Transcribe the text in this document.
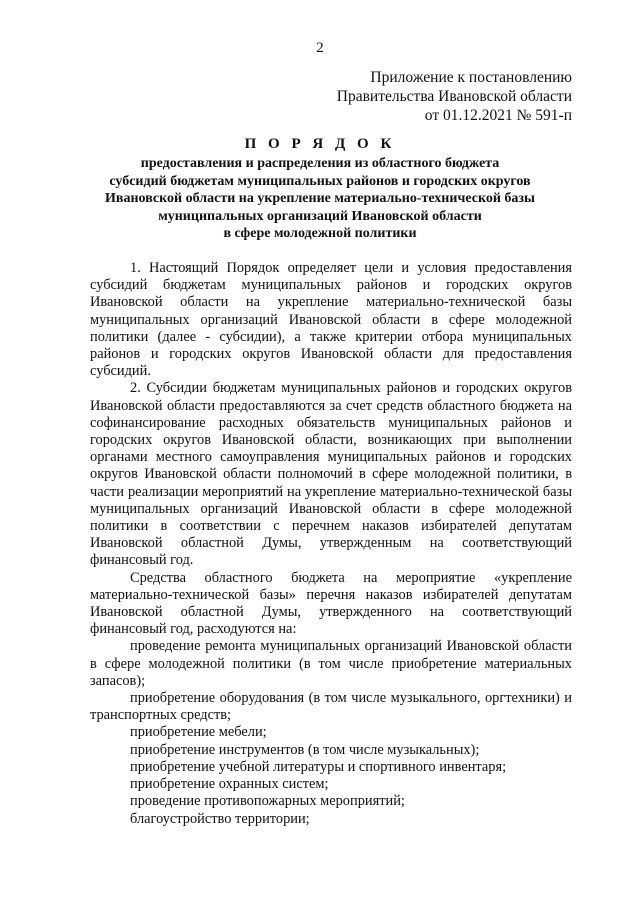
2
Приложение к постановлению
Правительства Ивановской области
от 01.12.2021 № 591-п
П О Р Я Д О К
предоставления и распределения из областного бюджета
субсидий бюджетам муниципальных районов и городских округов
Ивановской области на укрепление материально-технической базы
муниципальных организаций Ивановской области
в сфере молодежной политики

1. Настоящий Порядок определяет цели и условия предоставления субсидий бюджетам муниципальных районов и городских округов Ивановской области на укрепление материально-технической базы муниципальных организаций Ивановской области в сфере молодежной политики (далее - субсидии), а также критерии отбора муниципальных районов и городских округов Ивановской области для предоставления субсидий.

2. Субсидии бюджетам муниципальных районов и городских округов Ивановской области предоставляются за счет средств областного бюджета на софинансирование расходных обязательств муниципальных районов и городских округов Ивановской области, возникающих при выполнении органами местного самоуправления муниципальных районов и городских округов Ивановской области полномочий в сфере молодежной политики, в части реализации мероприятий на укрепление материально-технической базы муниципальных организаций Ивановской области в сфере молодежной политики в соответствии с перечнем наказов избирателей депутатам Ивановской областной Думы, утвержденным на соответствующий финансовый год.

Средства областного бюджета на мероприятие «укрепление материально-технической базы» перечня наказов избирателей депутатам Ивановской областной Думы, утвержденного на соответствующий финансовый год, расходуются на:

проведение ремонта муниципальных организаций Ивановской области в сфере молодежной политики (в том числе приобретение материальных запасов);

приобретение оборудования (в том числе музыкального, оргтехники) и транспортных средств;

приобретение мебели;

приобретение инструментов (в том числе музыкальных);

приобретение учебной литературы и спортивного инвентаря;

приобретение охранных систем;

проведение противопожарных мероприятий;

благоустройство территории;
